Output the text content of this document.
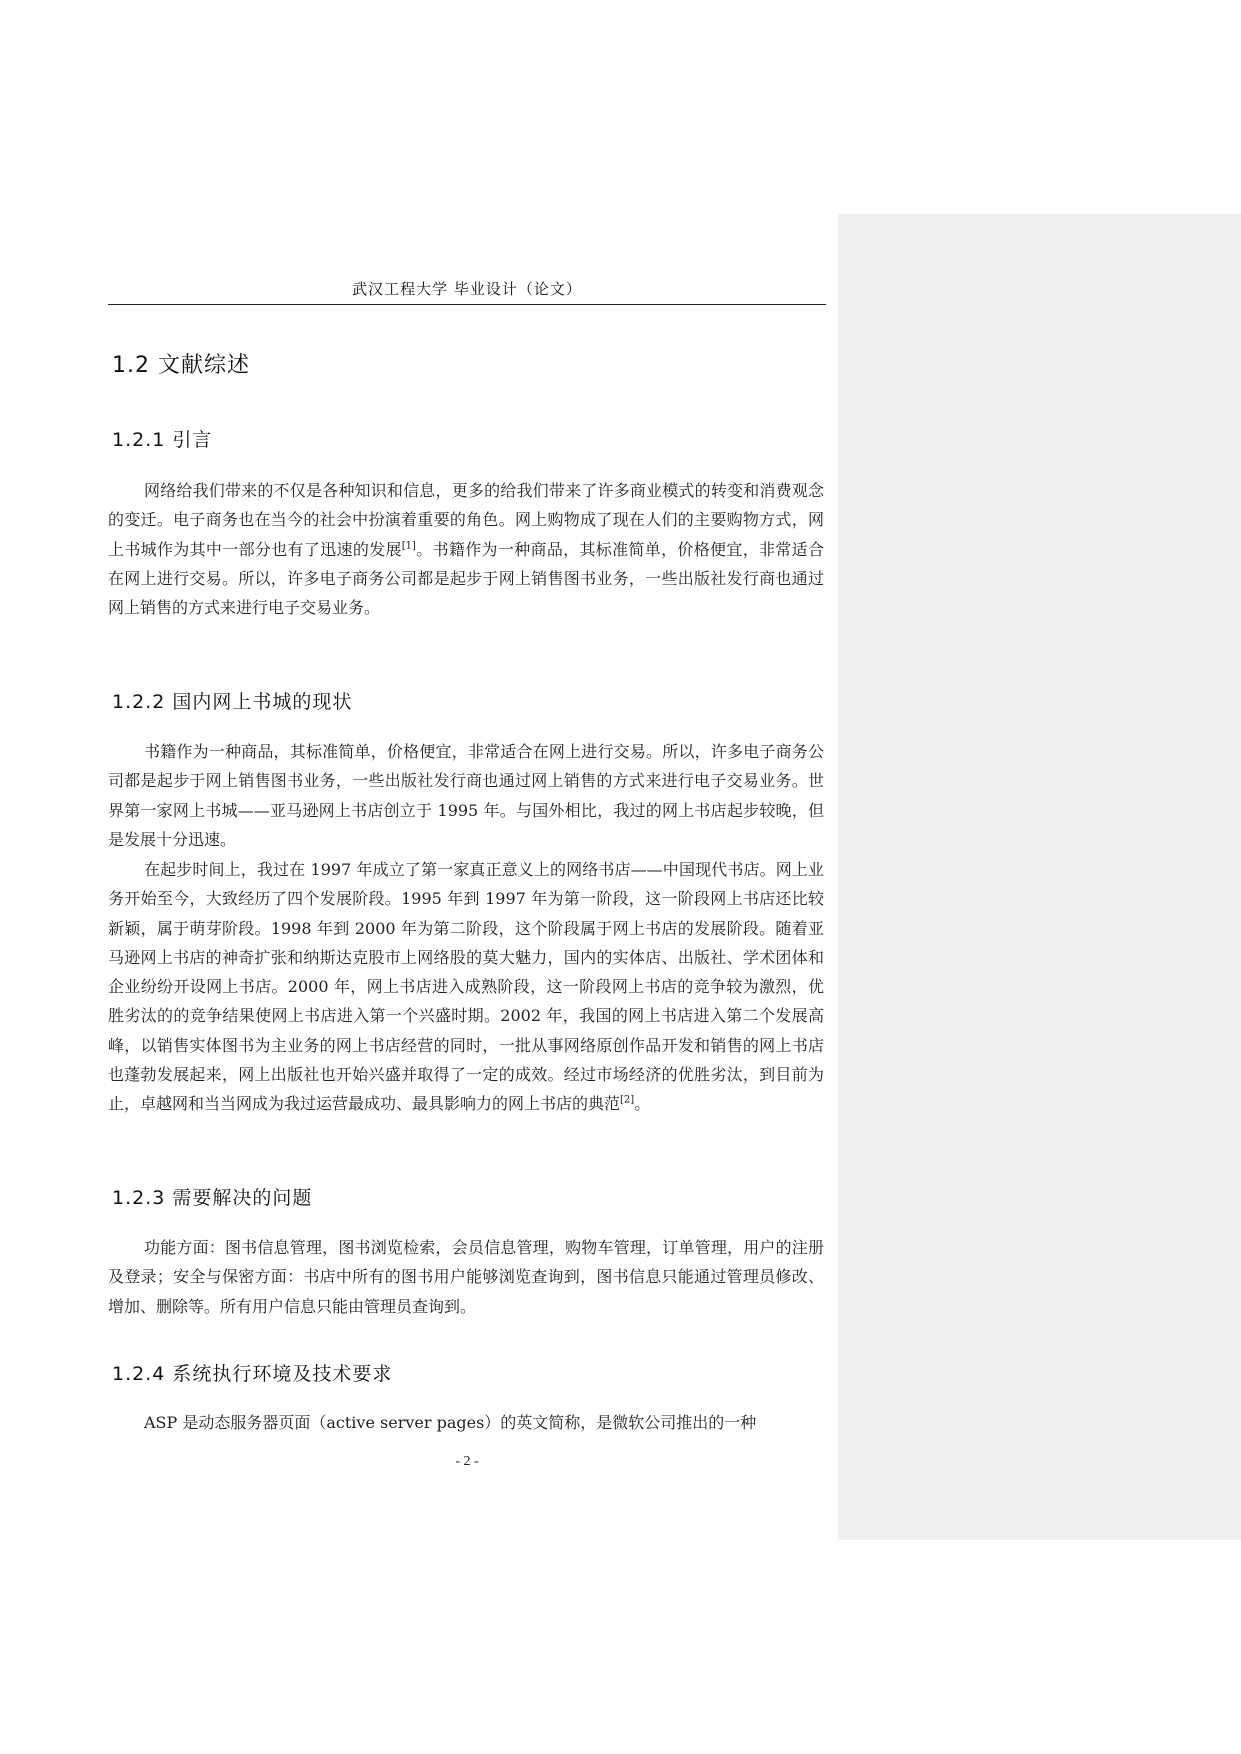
武汉工程大学 毕业设计（论文）
1.2 文献综述
1.2.1 引言

网络给我们带来的不仅是各种知识和信息，更多的给我们带来了许多商业模式的转变和消费观念的变迁。电子商务也在当今的社会中扮演着重要的角色。网上购物成了现在人们的主要购物方式，网上书城作为其中一部分也有了迅速的发展[1]。书籍作为一种商品，其标准简单，价格便宜，非常适合在网上进行交易。所以，许多电子商务公司都是起步于网上销售图书业务，一些出版社发行商也通过网上销售的方式来进行电子交易业务。

1.2.2 国内网上书城的现状

书籍作为一种商品，其标准简单，价格便宜，非常适合在网上进行交易。所以，许多电子商务公司都是起步于网上销售图书业务，一些出版社发行商也通过网上销售的方式来进行电子交易业务。世界第一家网上书城——亚马逊网上书店创立于 1995 年。与国外相比，我过的网上书店起步较晚，但是发展十分迅速。

在起步时间上，我过在 1997 年成立了第一家真正意义上的网络书店——中国现代书店。网上业务开始至今，大致经历了四个发展阶段。1995 年到 1997 年为第一阶段，这一阶段网上书店还比较新颖，属于萌芽阶段。1998 年到 2000 年为第二阶段，这个阶段属于网上书店的发展阶段。随着亚马逊网上书店的神奇扩张和纳斯达克股市上网络股的莫大魅力，国内的实体店、出版社、学术团体和企业纷纷开设网上书店。2000 年，网上书店进入成熟阶段，这一阶段网上书店的竞争较为激烈，优胜劣汰的的竞争结果使网上书店进入第一个兴盛时期。2002 年，我国的网上书店进入第二个发展高峰，以销售实体图书为主业务的网上书店经营的同时，一批从事网络原创作品开发和销售的网上书店也蓬勃发展起来，网上出版社也开始兴盛并取得了一定的成效。经过市场经济的优胜劣汰，到目前为止，卓越网和当当网成为我过运营最成功、最具影响力的网上书店的典范[2]。

1.2.3 需要解决的问题

功能方面：图书信息管理，图书浏览检索，会员信息管理，购物车管理，订单管理，用户的注册及登录；安全与保密方面：书店中所有的图书用户能够浏览查询到，图书信息只能通过管理员修改、增加、删除等。所有用户信息只能由管理员查询到。

1.2.4 系统执行环境及技术要求

ASP 是动态服务器页面（active server pages）的英文简称，是微软公司推出的一种

- 2 -
